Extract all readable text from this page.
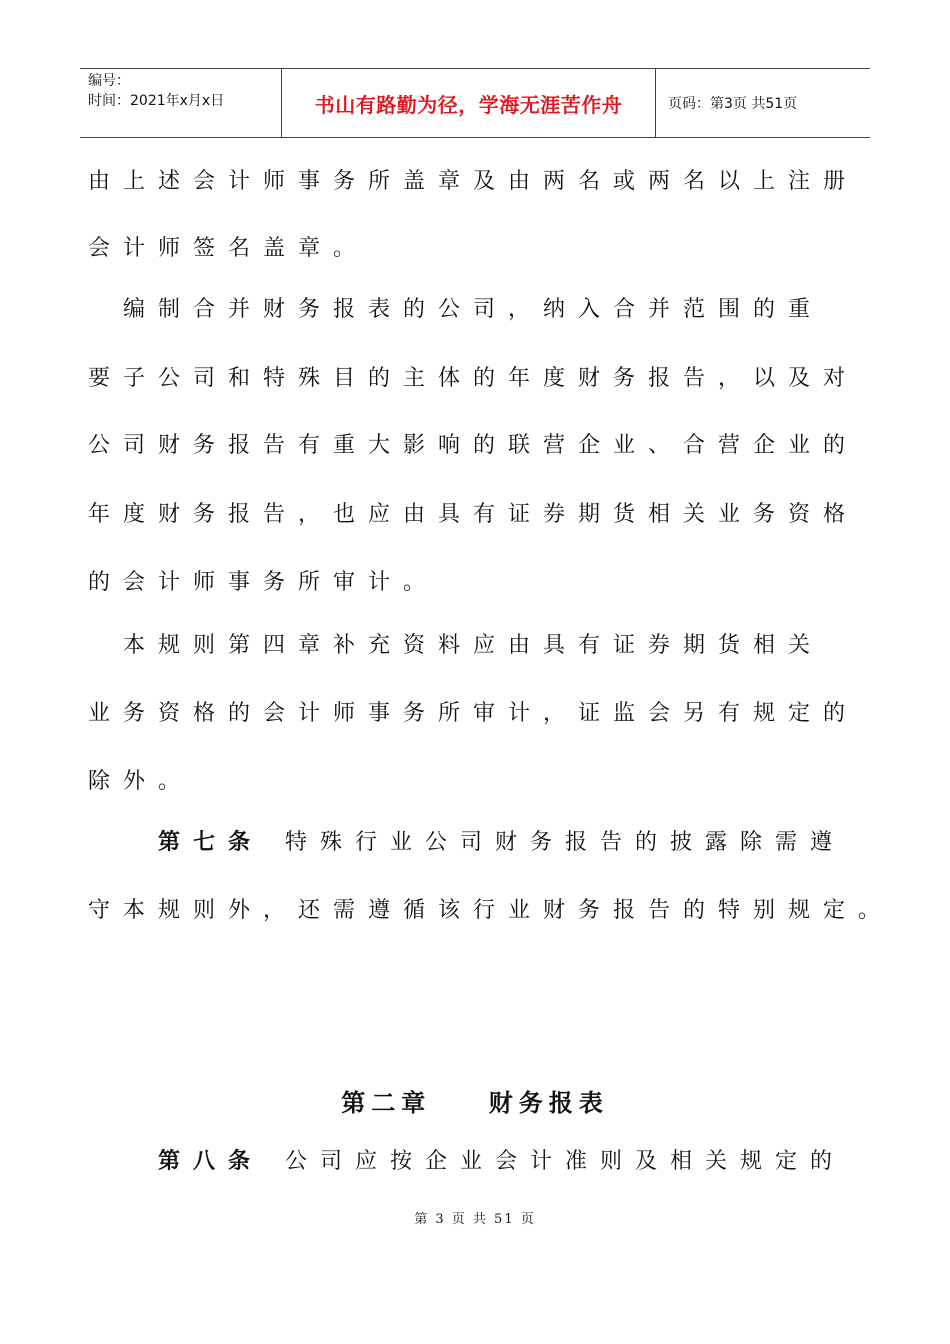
编号：
时间：2021年x月x日	书山有路勤为径，学海无涯苦作舟	页码：第3页 共51页
由上述会计师事务所盖章及由两名或两名以上注册
会计师签名盖章。
　编制合并财务报表的公司，纳入合并范围的重
要子公司和特殊目的主体的年度财务报告，以及对
公司财务报告有重大影响的联营企业、合营企业的
年度财务报告，也应由具有证券期货相关业务资格
的会计师事务所审计。
　本规则第四章补充资料应由具有证券期货相关
业务资格的会计师事务所审计，证监会另有规定的
除外。
第七条 特殊行业公司财务报告的披露除需遵
守本规则外，还需遵循该行业财务报告的特别规定。
第二章    财务报表
第八条 公司应按企业会计准则及相关规定的
第 3 页 共 51 页
